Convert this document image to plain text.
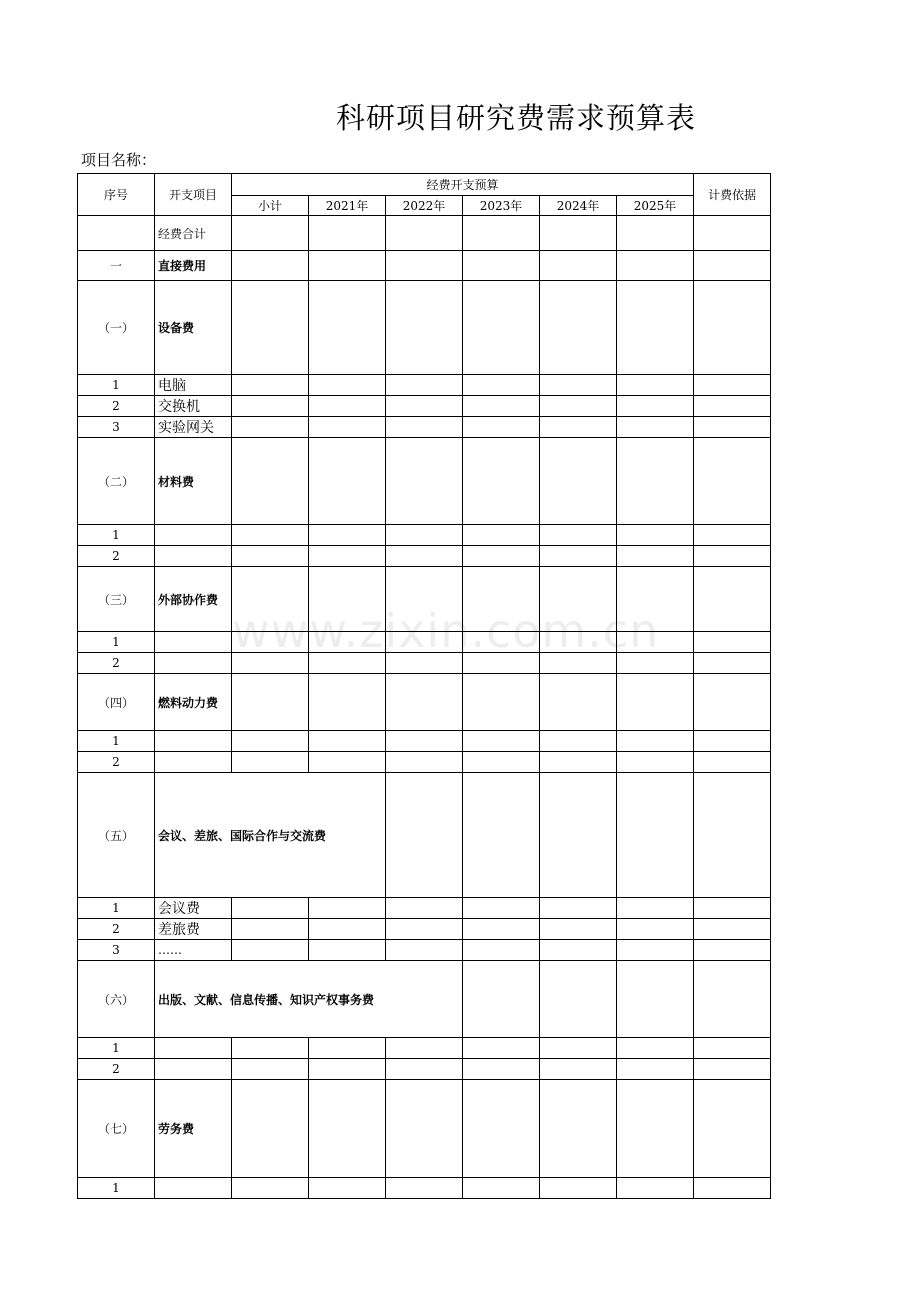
科研项目研究费需求预算表
项目名称：
www.zixin.com.cn
序号	开支项目	经费开支预算						计费依据
		小计	2021年	2022年	2023年	2024年	2025年	
	经费合计							
一	直接费用							
（一）	设备费							
1	电脑							
2	交换机							
3	实验网关							
（二）	材料费							
1								
2								
（三）	外部协作费							
1								
2								
（四）	燃料动力费							
1								
2								
（五）	会议、差旅、国际合作与交流费							
1	会议费							
2	差旅费							
3	……							
（六）	出版、文献、信息传播、知识产权事务费							
1								
2								
（七）	劳务费							
1								
